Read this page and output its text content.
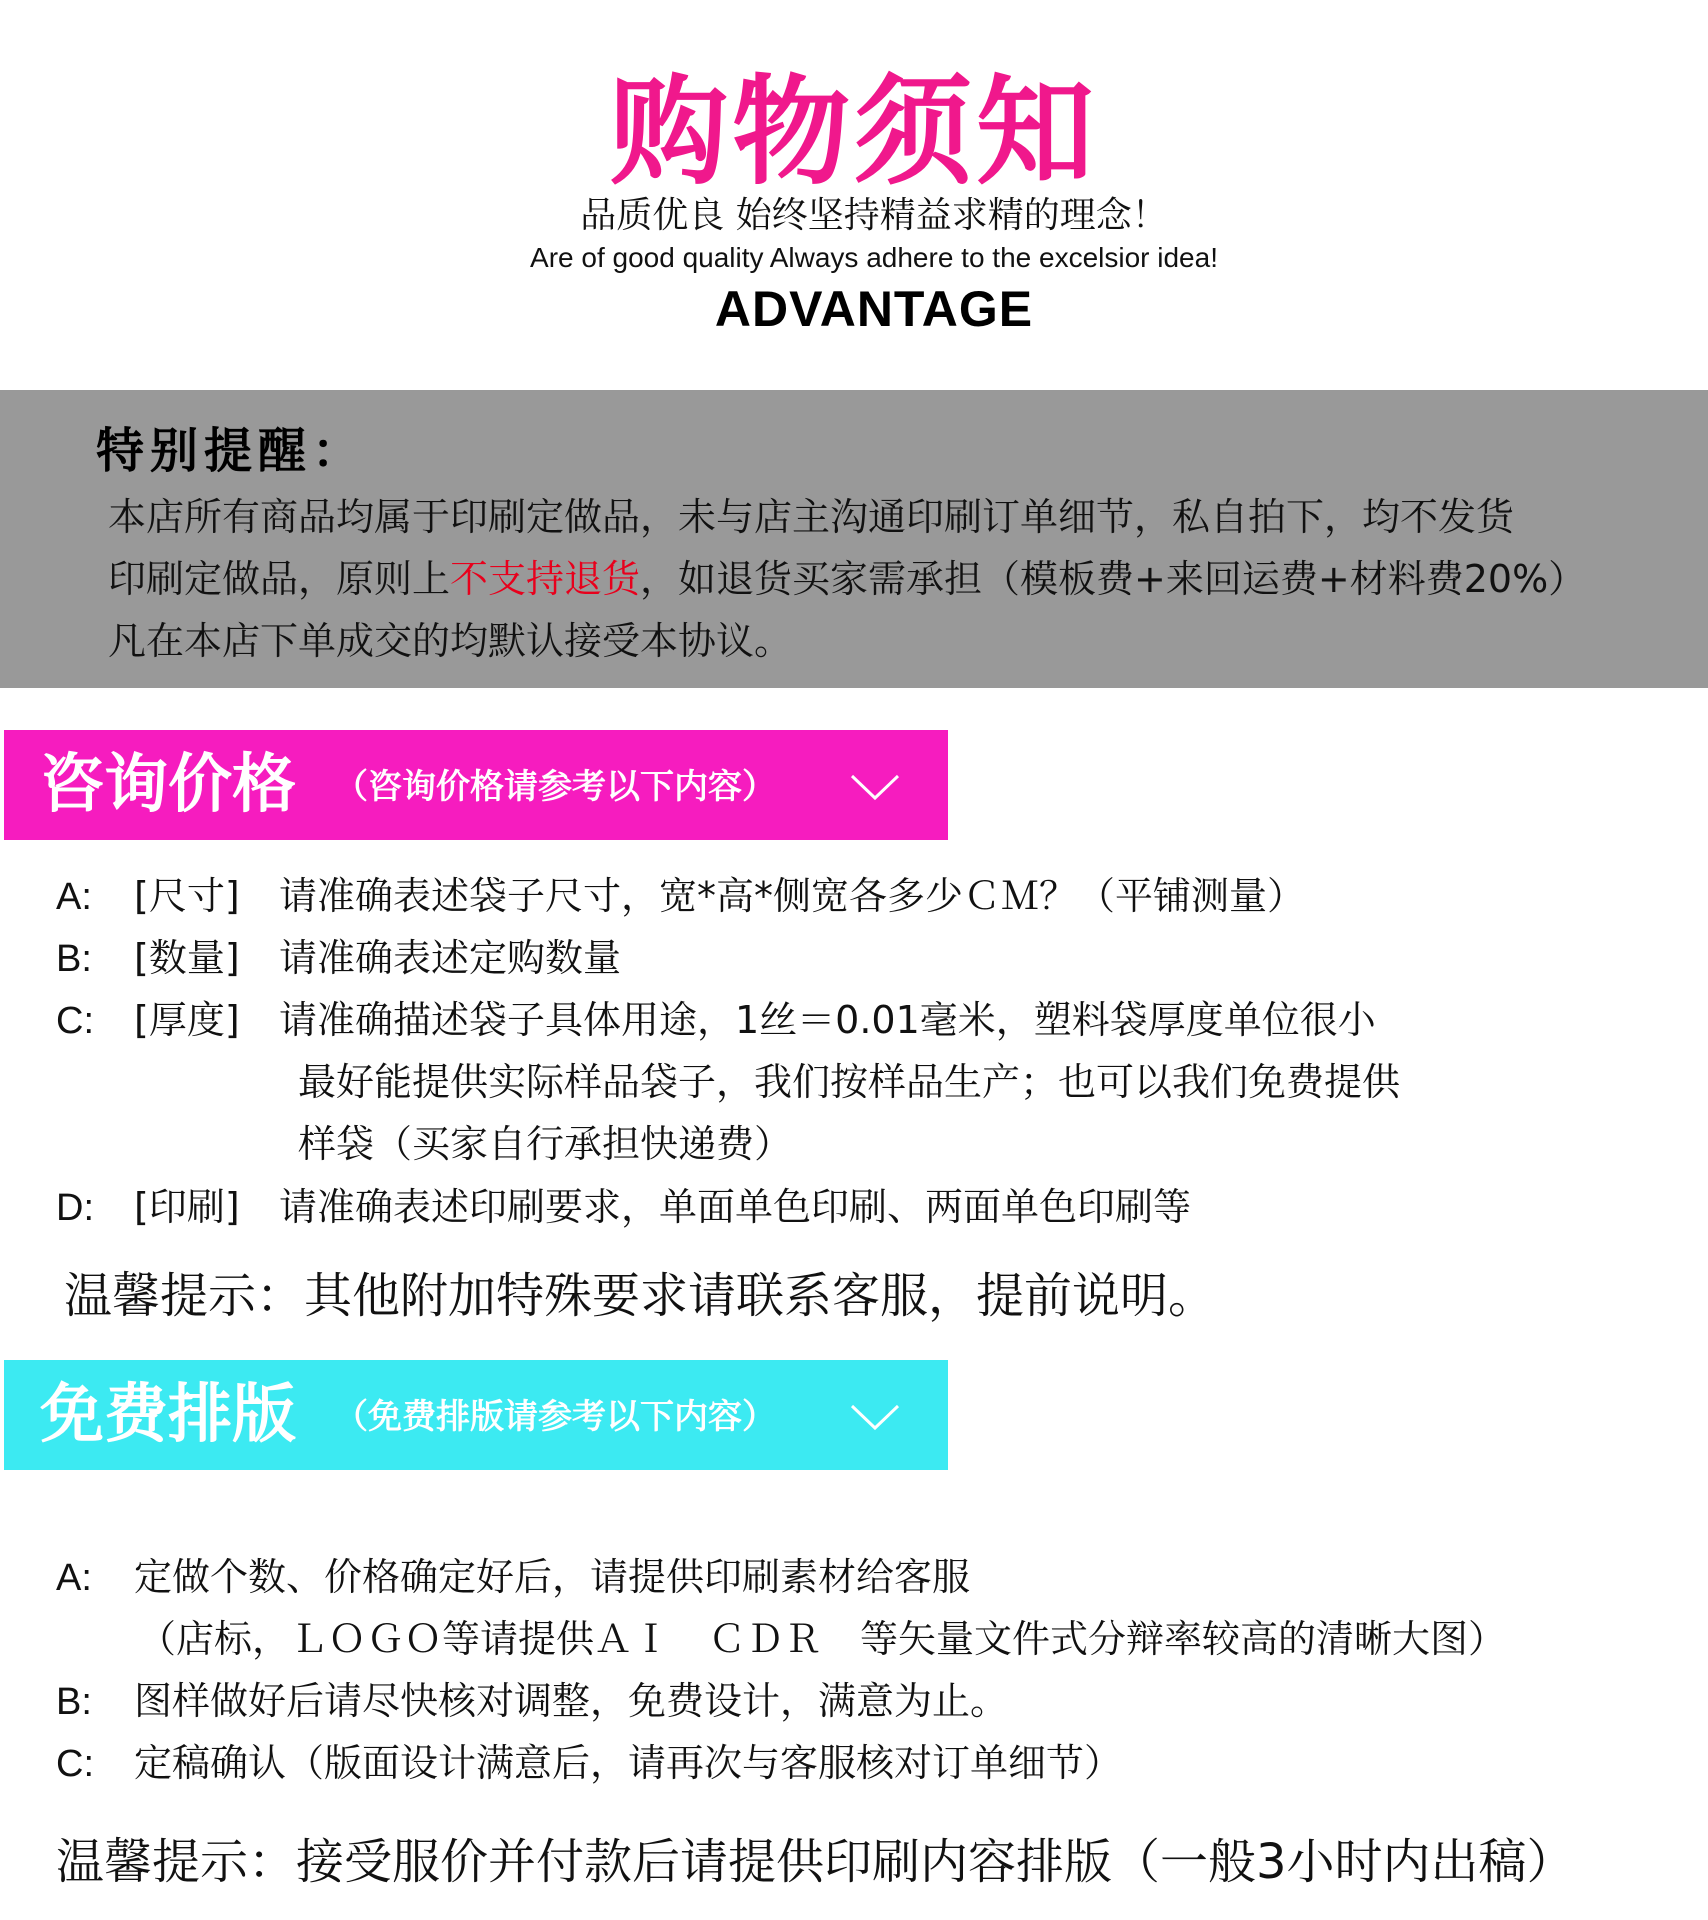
购物须知
品质优良 始终坚持精益求精的理念！
Are of good quality Always adhere to the excelsior idea!
ADVANTAGE
特别提醒：
本店所有商品均属于印刷定做品，未与店主沟通印刷订单细节，私自拍下，均不发货
印刷定做品，原则上不支持退货，如退货买家需承担（模板费+来回运费+材料费20%）
凡在本店下单成交的均默认接受本协议。
咨询价格 （咨询价格请参考以下内容）
A: [尺寸] 请准确表述袋子尺寸，宽*高*侧宽各多少ＣＭ？（平铺测量）
B: [数量] 请准确表述定购数量
C: [厚度] 请准确描述袋子具体用途，1丝＝0.01毫米，塑料袋厚度单位很小
最好能提供实际样品袋子，我们按样品生产；也可以我们免费提供
样袋（买家自行承担快递费）
D: [印刷] 请准确表述印刷要求，单面单色印刷、两面单色印刷等
温馨提示：其他附加特殊要求请联系客服，提前说明。
免费排版 （免费排版请参考以下内容）
A: 定做个数、价格确定好后，请提供印刷素材给客服
（店标，ＬＯＧＯ等请提供ＡＩ　ＣＤＲ　等矢量文件式分辩率较高的清晰大图）
B: 图样做好后请尽快核对调整，免费设计，满意为止。
C: 定稿确认（版面设计满意后，请再次与客服核对订单细节）
温馨提示：接受服价并付款后请提供印刷内容排版（一般3小时内出稿）
